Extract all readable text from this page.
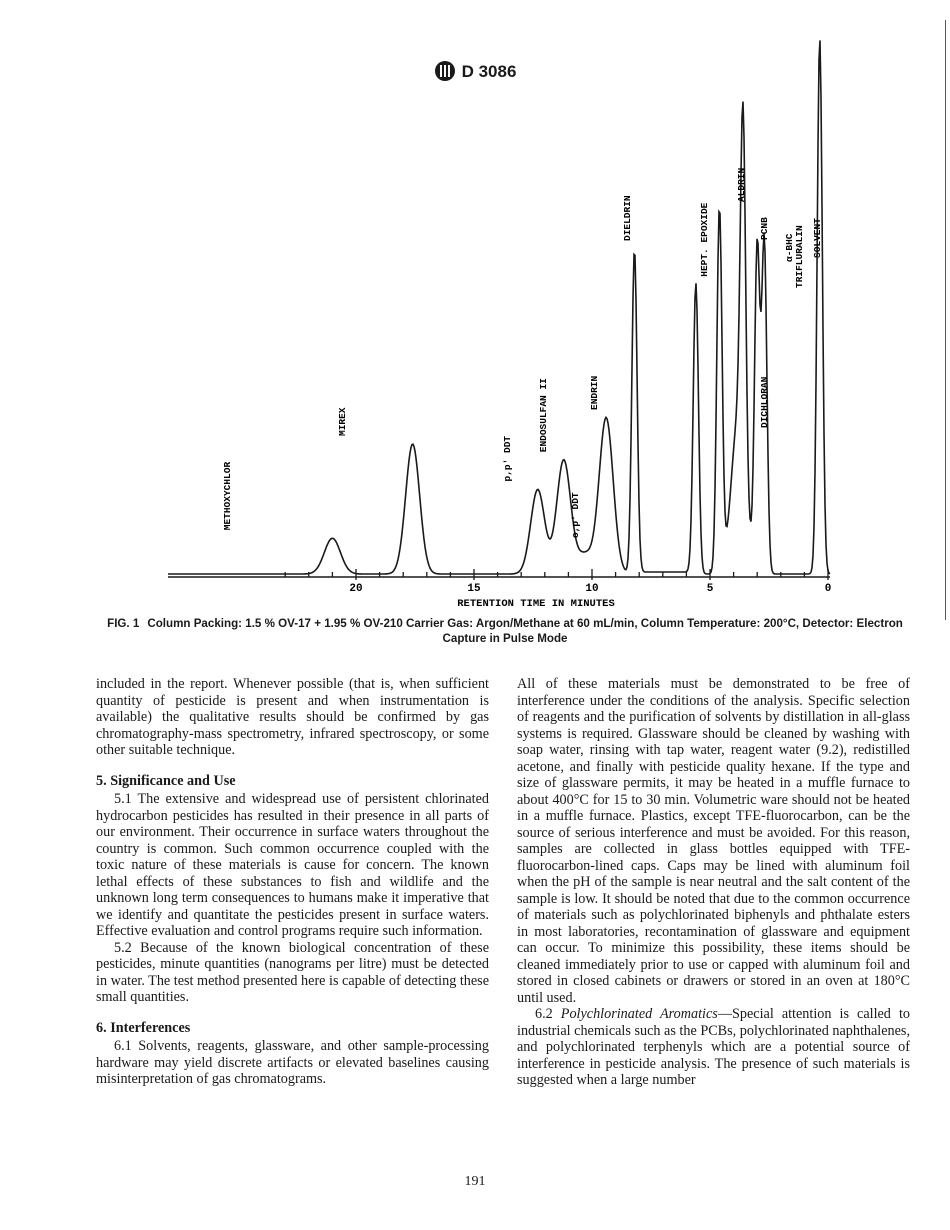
D 3086
20	15	10	5	0
METHOXYCHLOR
MIREX
p,p' DDT
ENDOSULFAN II
o,p' DDT
ENDRIN
DIELDRIN	HEPT. EPOXIDE
ALDRIN
DICHLORAN
PCNB
α-BHC TRIFLURALIN SOLVENT
RETENTION TIME IN MINUTES
FIG. 1 Column Packing: 1.5 % OV-17 + 1.95 % OV-210 Carrier Gas: Argon/Methane at 60 mL/min, Column Temperature: 200°C, Detector: Electron Capture in Pulse Mode

included in the report. Whenever possible (that is, when sufficient quantity of pesticide is present and when instrumentation is available) the qualitative results should be confirmed by gas chromatography-mass spectrometry, infrared spectroscopy, or some other suitable technique.

5. Significance and Use

5.1 The extensive and widespread use of persistent chlorinated hydrocarbon pesticides has resulted in their presence in all parts of our environment. Their occurrence in surface waters throughout the country is common. Such common occurrence coupled with the toxic nature of these materials is cause for concern. The known lethal effects of these substances to fish and wildlife and the unknown long term consequences to humans make it imperative that we identify and quantitate the pesticides present in surface waters. Effective evaluation and control programs require such information.

5.2 Because of the known biological concentration of these pesticides, minute quantities (nanograms per litre) must be detected in water. The test method presented here is capable of detecting these small quantities.

6. Interferences

6.1 Solvents, reagents, glassware, and other sample-processing hardware may yield discrete artifacts or elevated baselines causing misinterpretation of gas chromatograms.

All of these materials must be demonstrated to be free of interference under the conditions of the analysis. Specific selection of reagents and the purification of solvents by distillation in all-glass systems is required. Glassware should be cleaned by washing with soap water, rinsing with tap water, reagent water (9.2), redistilled acetone, and finally with pesticide quality hexane. If the type and size of glassware permits, it may be heated in a muffle furnace to about 400°C for 15 to 30 min. Volumetric ware should not be heated in a muffle furnace. Plastics, except TFE-fluorocarbon, can be the source of serious interference and must be avoided. For this reason, samples are collected in glass bottles equipped with TFE-fluorocarbon-lined caps. Caps may be lined with aluminum foil when the pH of the sample is near neutral and the salt content of the sample is low. It should be noted that due to the common occurrence of materials such as polychlorinated biphenyls and phthalate esters in most laboratories, recontamination of glassware and equipment can occur. To minimize this possibility, these items should be cleaned immediately prior to use or capped with aluminum foil and stored in closed cabinets or drawers or stored in an oven at 180°C until used.

6.2 Polychlorinated Aromatics—Special attention is called to industrial chemicals such as the PCBs, polychlorinated naphthalenes, and polychlorinated terphenyls which are a potential source of interference in pesticide analysis. The presence of such materials is suggested when a large number

191
